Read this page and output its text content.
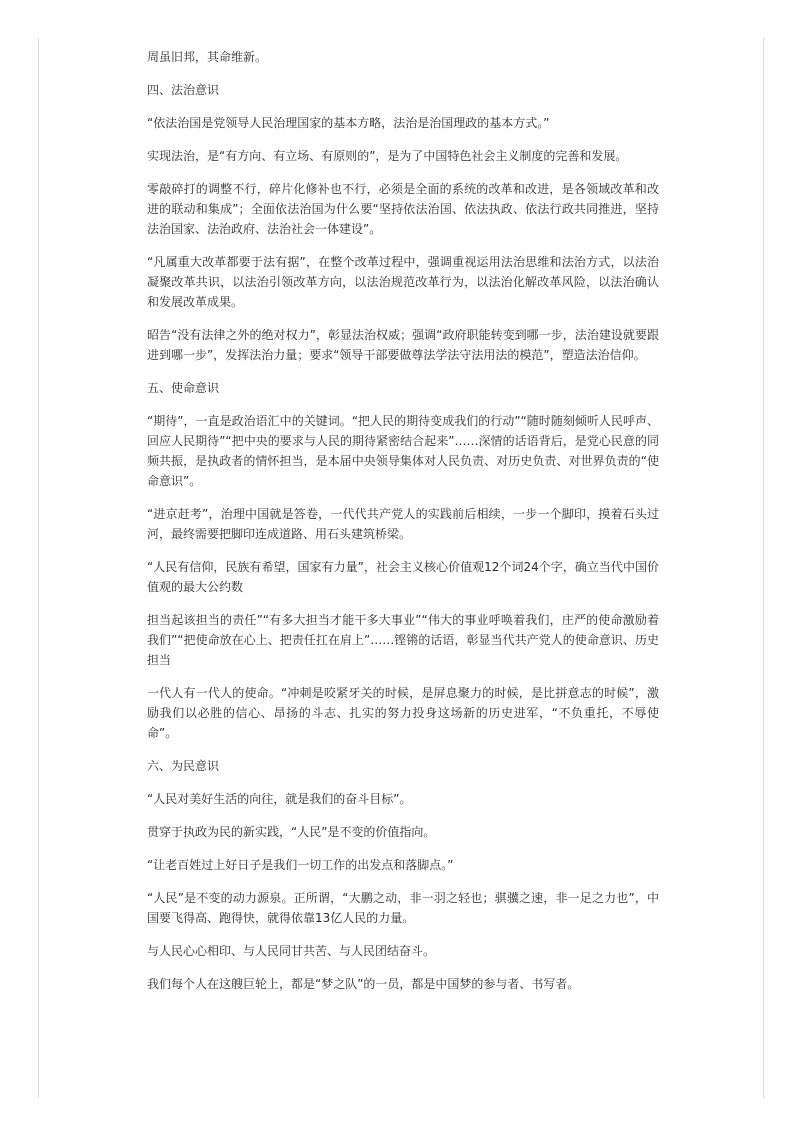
周虽旧邦，其命维新。

四、法治意识

“依法治国是党领导人民治理国家的基本方略，法治是治国理政的基本方式。”

实现法治，是“有方向、有立场、有原则的”，是为了中国特色社会主义制度的完善和发展。

零敲碎打的调整不行，碎片化修补也不行，必须是全面的系统的改革和改进，是各领域改革和改进的联动和集成”；全面依法治国为什么要“坚持依法治国、依法执政、依法行政共同推进，坚持法治国家、法治政府、法治社会一体建设”。

“凡属重大改革都要于法有据”，在整个改革过程中，强调重视运用法治思维和法治方式，以法治凝聚改革共识，以法治引领改革方向，以法治规范改革行为，以法治化解改革风险，以法治确认和发展改革成果。

昭告“没有法律之外的绝对权力”，彰显法治权威；强调“政府职能转变到哪一步，法治建设就要跟进到哪一步”，发挥法治力量；要求“领导干部要做尊法学法守法用法的模范”，塑造法治信仰。

五、使命意识

“期待”，一直是政治语汇中的关键词。“把人民的期待变成我们的行动”“随时随刻倾听人民呼声、回应人民期待”“把中央的要求与人民的期待紧密结合起来”……深情的话语背后，是党心民意的同频共振，是执政者的情怀担当，是本届中央领导集体对人民负责、对历史负责、对世界负责的“使命意识”。

“进京赶考”，治理中国就是答卷，一代代共产党人的实践前后相续，一步一个脚印，摸着石头过河，最终需要把脚印连成道路、用石头建筑桥梁。

“人民有信仰，民族有希望，国家有力量”，社会主义核心价值观12个词24个字，确立当代中国价值观的最大公约数

担当起该担当的责任”“有多大担当才能干多大事业”“伟大的事业呼唤着我们，庄严的使命激励着我们”“把使命放在心上、把责任扛在肩上”……铿锵的话语，彰显当代共产党人的使命意识、历史担当

一代人有一代人的使命。“冲刺是咬紧牙关的时候，是屏息聚力的时候，是比拼意志的时候”，激励我们以必胜的信心、昂扬的斗志、扎实的努力投身这场新的历史进军，“不负重托，不辱使命”。

六、为民意识

“人民对美好生活的向往，就是我们的奋斗目标”。

贯穿于执政为民的新实践，“人民”是不变的价值指向。

“让老百姓过上好日子是我们一切工作的出发点和落脚点。”

“人民”是不变的动力源泉。正所谓，“大鹏之动，非一羽之轻也；骐骥之速，非一足之力也”，中国要飞得高、跑得快，就得依靠13亿人民的力量。

与人民心心相印、与人民同甘共苦、与人民团结奋斗。

我们每个人在这艘巨轮上，都是“梦之队”的一员，都是中国梦的参与者、书写者。
